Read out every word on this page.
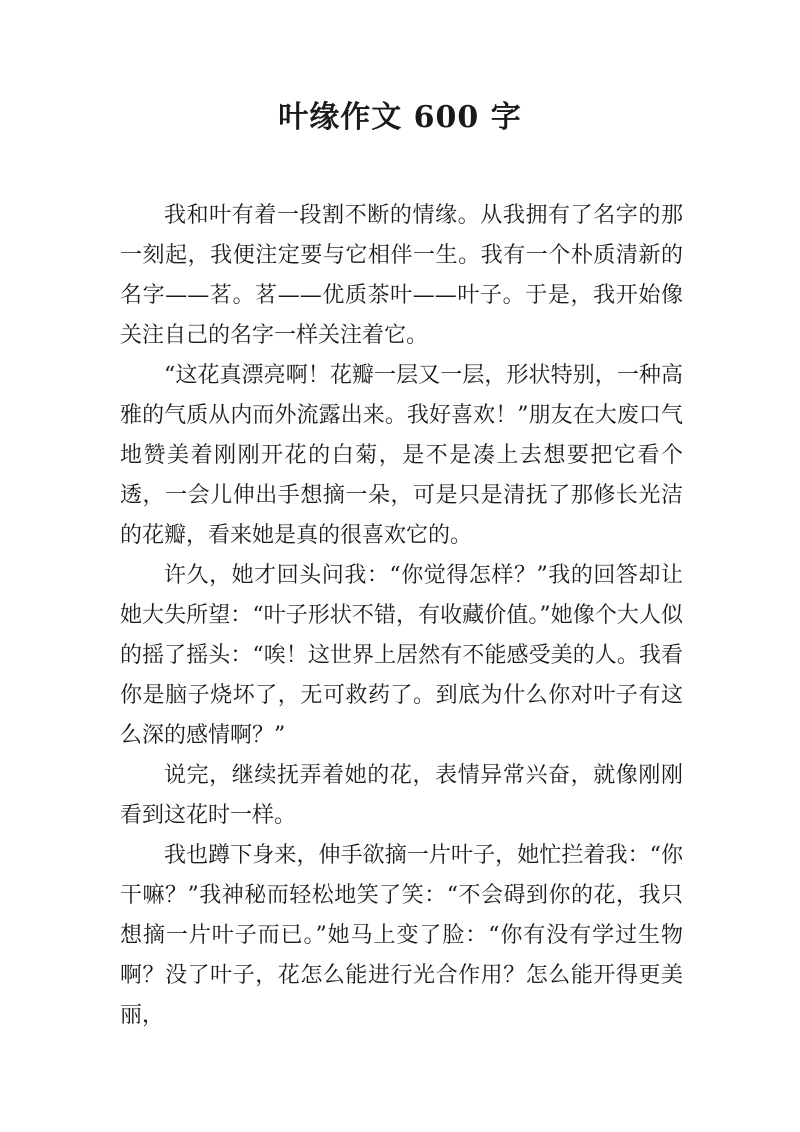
叶缘作文 600 字

我和叶有着一段割不断的情缘。从我拥有了名字的那一刻起，我便注定要与它相伴一生。我有一个朴质清新的名字——茗。茗——优质茶叶——叶子。于是，我开始像关注自己的名字一样关注着它。

“这花真漂亮啊！花瓣一层又一层，形状特别，一种高雅的气质从内而外流露出来。我好喜欢！”朋友在大废口气地赞美着刚刚开花的白菊，是不是凑上去想要把它看个透，一会儿伸出手想摘一朵，可是只是清抚了那修长光洁的花瓣，看来她是真的很喜欢它的。

许久，她才回头问我：“你觉得怎样？”我的回答却让她大失所望：“叶子形状不错，有收藏价值。”她像个大人似的摇了摇头：“唉！这世界上居然有不能感受美的人。我看你是脑子烧坏了，无可救药了。到底为什么你对叶子有这么深的感情啊？”

说完，继续抚弄着她的花，表情异常兴奋，就像刚刚看到这花时一样。

我也蹲下身来，伸手欲摘一片叶子，她忙拦着我：“你干嘛？”我神秘而轻松地笑了笑：“不会碍到你的花，我只想摘一片叶子而已。”她马上变了脸：“你有没有学过生物啊？没了叶子，花怎么能进行光合作用？怎么能开得更美丽，
